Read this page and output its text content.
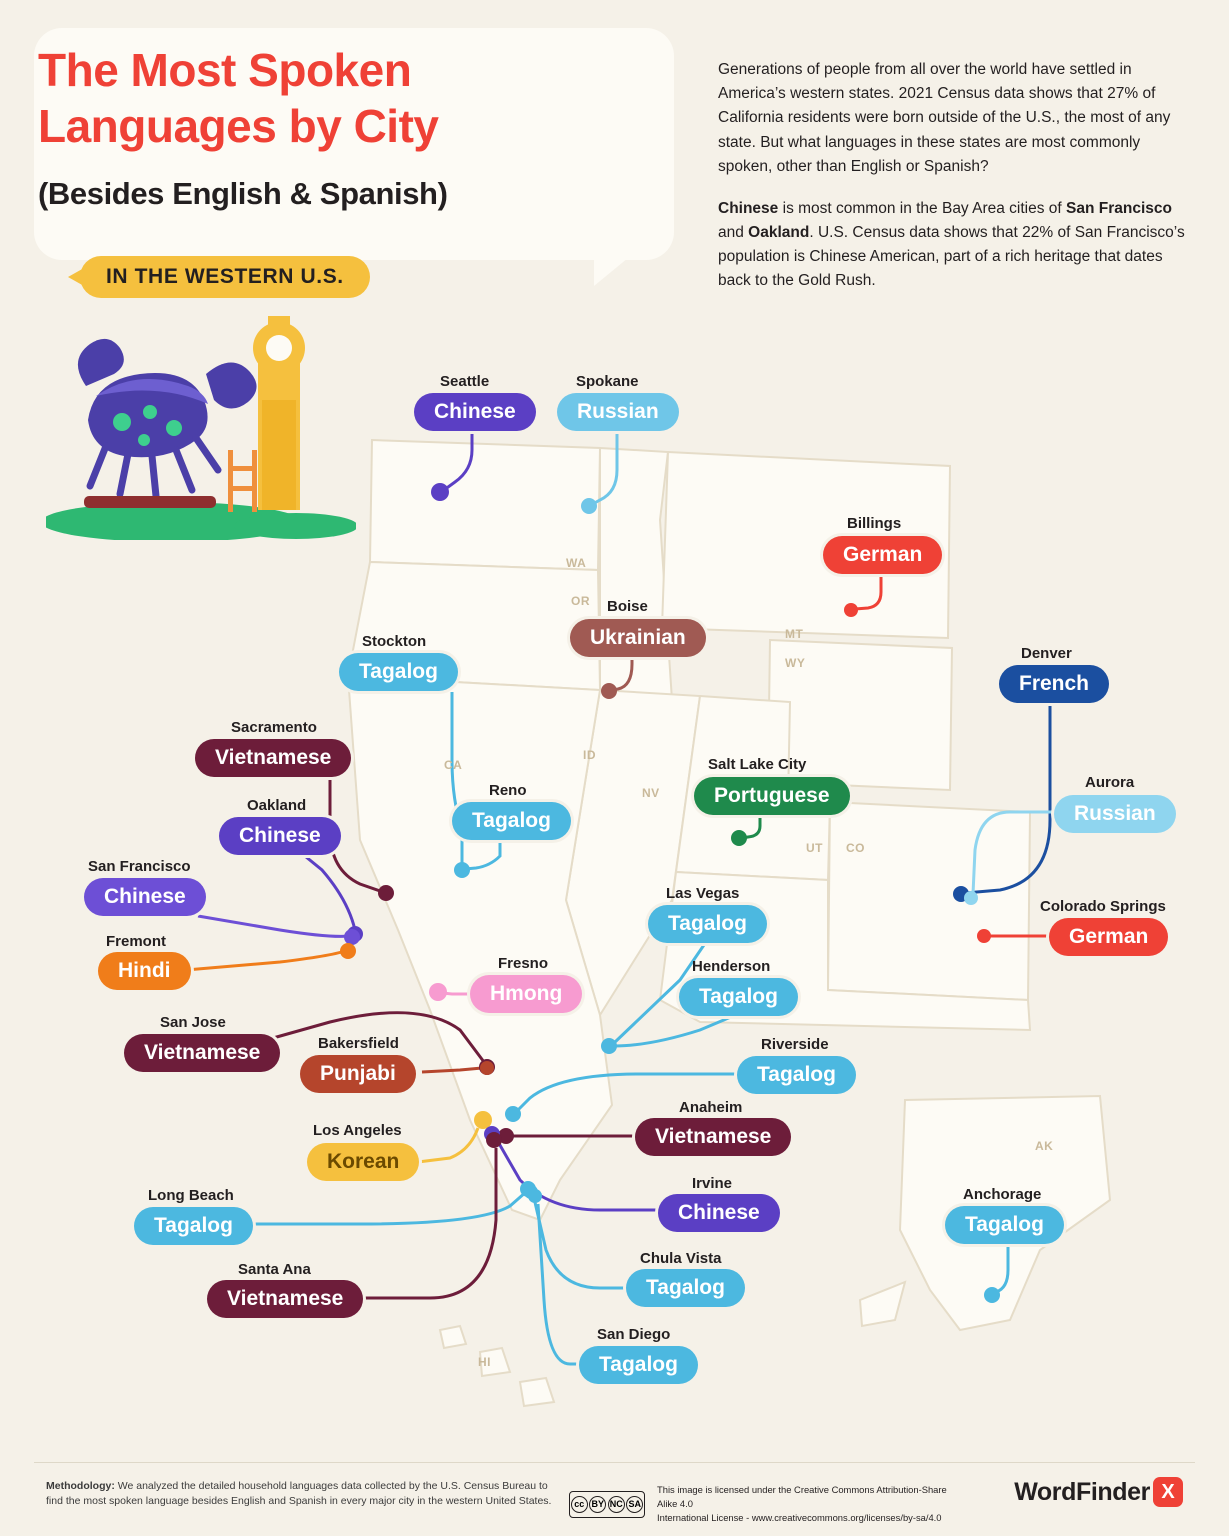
The Most Spoken
Languages by City
(Besides English & Spanish)
IN THE WESTERN U.S.

Generations of people from all over the world have settled in America’s western states. 2021 Census data shows that 27% of California residents were born outside of the U.S., the most of any state. But what languages in these states are most commonly spoken, other than English or Spanish?

Chinese is most common in the Bay Area cities of San Francisco and Oakland. U.S. Census data shows that 22% of San Francisco’s population is Chinese American, part of a rich heritage that dates back to the Gold Rush.

WA
OR
MT
WY
ID
CA
NV
UT CO
AK
HI
Seattle
Chinese
Spokane
Russian
Billings
German
Boise
Ukrainian
Denver
French
Stockton
Tagalog
Sacramento
Vietnamese	Salt Lake City
Portuguese
Reno
Tagalog
Aurora
Russian
Oakland
Chinese
San Francisco
Chinese	Las Vegas
Tagalog
Colorado Springs
German
Fremont
Hindi	Henderson
Tagalog
Fresno
Hmong
San Jose
Vietnamese	Riverside
Tagalog
Bakersfield
Punjabi
Anaheim
Vietnamese
Los Angeles
Korean
Irvine
Chinese
Anchorage
Tagalog
Long Beach
Tagalog
Chula Vista
Tagalog
Santa Ana
Vietnamese
San Diego
Tagalog
Methodology: We analyzed the detailed household languages data collected by the U.S. Census Bureau to find the most spoken language besides English and Spanish in every major city in the western United States.	cc BY NC SA
This image is licensed under the Creative Commons Attribution-Share Alike 4.0
International License - www.creativecommons.org/licenses/by-sa/4.0
WordFinder X
